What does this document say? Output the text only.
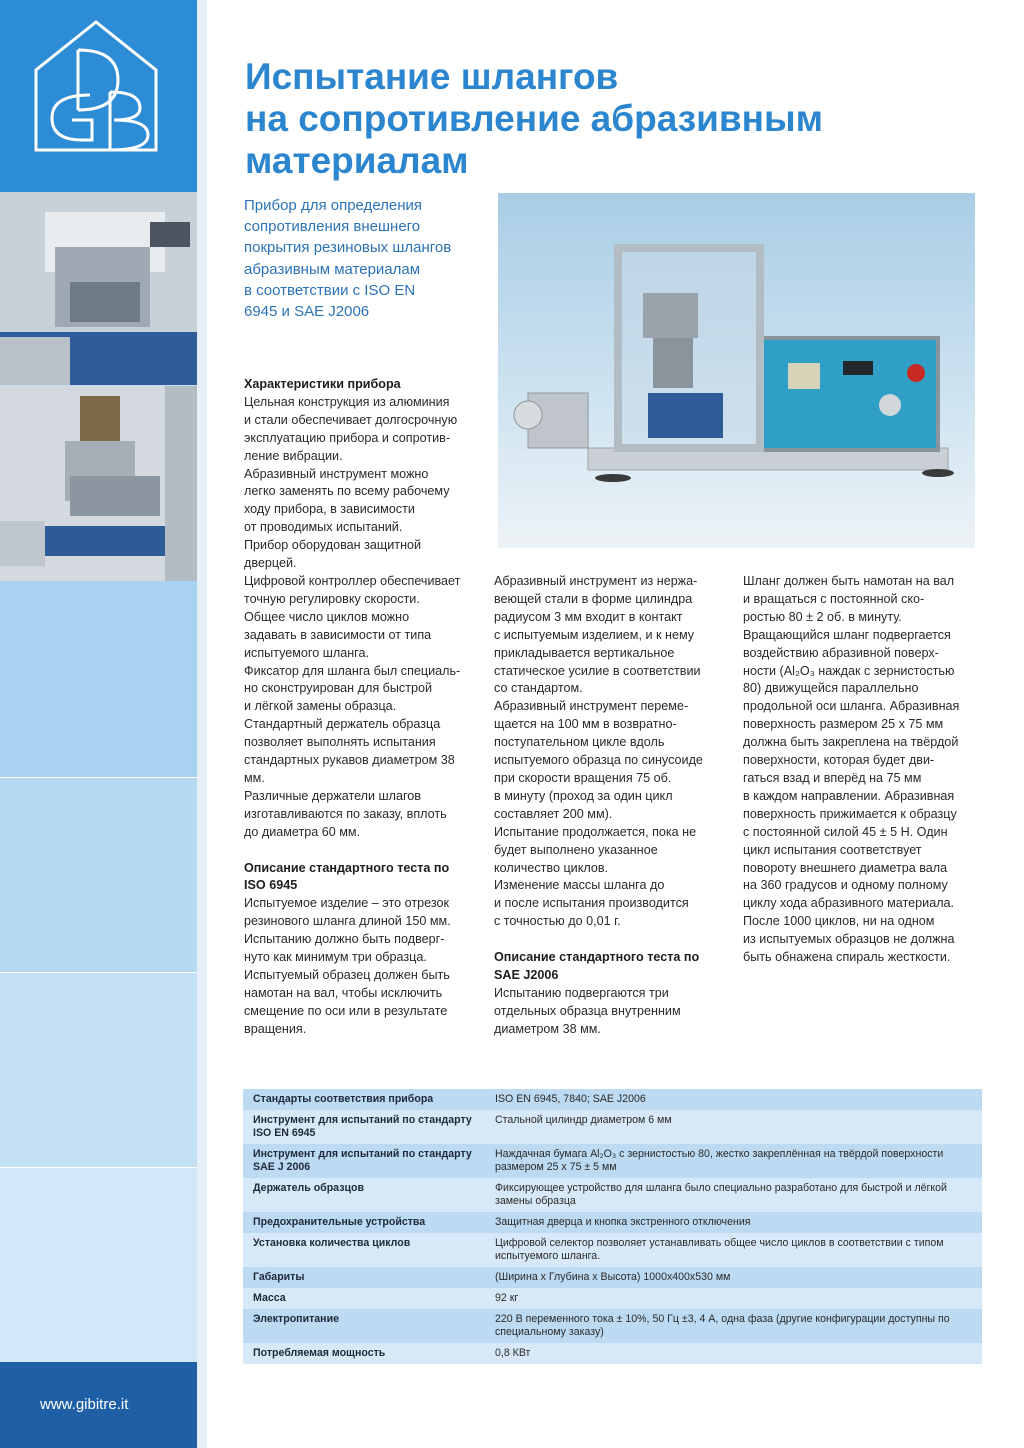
www.gibitre.it
Испытание шлангов
на сопротивление абразивным
материалам
Прибор для определения
сопротивления внешнего
покрытия резиновых шлангов
абразивным материалам
в соответствии с ISO EN
6945 и SAE J2006
Характеристики прибора

Цельная конструкция из алюминия
и стали обеспечивает долгосрочную
эксплуатацию прибора и сопротив-
ление вибрации.

Абразивный инструмент можно
легко заменять по всему рабочему
ходу прибора, в зависимости
от проводимых испытаний.

Прибор оборудован защитной
дверцей.

Цифровой контроллер обеспечивает
точную регулировку скорости.

Общее число циклов можно
задавать в зависимости от типа
испытуемого шланга.

Фиксатор для шланга был специаль-
но сконструирован для быстрой
и лёгкой замены образца.

Стандартный держатель образца
позволяет выполнять испытания
стандартных рукавов диаметром 38
мм.

Различные держатели шлагов
изготавливаются по заказу, вплоть
до диаметра 60 мм.

Описание стандартного теста по
ISO 6945

Испытуемое изделие – это отрезок
резинового шланга длиной 150 мм.

Испытанию должно быть подверг-
нуто как минимум три образца.

Испытуемый образец должен быть
намотан на вал, чтобы исключить
смещение по оси или в результате
вращения.

Абразивный инструмент из нержа-
веющей стали в форме цилиндра
радиусом 3 мм входит в контакт
с испытуемым изделием, и к нему
прикладывается вертикальное
статическое усилие в соответствии
со стандартом.

Абразивный инструмент переме-
щается на 100 мм в возвратно-
поступательном цикле вдоль
испытуемого образца по синусоиде
при скорости вращения 75 об.
в минуту (проход за один цикл
составляет 200 мм).

Испытание продолжается, пока не
будет выполнено указанное
количество циклов.

Изменение массы шланга до
и после испытания производится
с точностью до 0,01 г.

Описание стандартного теста по
SAE J2006

Испытанию подвергаются три
отдельных образца внутренним
диаметром 38 мм.

Шланг должен быть намотан на вал
и вращаться с постоянной ско-
ростью 80 ± 2 об. в минуту.

Вращающийся шланг подвергается
воздействию абразивной поверх-
ности (Al₂O₃ наждак с зернистостью
80) движущейся параллельно
продольной оси шланга. Абразивная
поверхность размером 25 x 75 мм
должна быть закреплена на твёрдой
поверхности, которая будет дви-
гаться взад и вперёд на 75 мм
в каждом направлении. Абразивная
поверхность прижимается к образцу
с постоянной силой 45 ± 5 Н. Один
цикл испытания соответствует
повороту внешнего диаметра вала
на 360 градусов и одному полному
циклу хода абразивного материала.

После 1000 циклов, ни на одном
из испытуемых образцов не должна
быть обнажена спираль жесткости.

Стандарты соответствия прибора	ISO EN 6945, 7840; SAE J2006
Инструмент для испытаний по стандарту ISO EN 6945	Стальной цилиндр диаметром 6 мм
Инструмент для испытаний по стандарту SAE J 2006	Наждачная бумага Al₂O₃ с зернистостью 80, жестко закреплённая на твёрдой поверхности размером 25 х 75 ± 5 мм
Держатель образцов	Фиксирующее устройство для шланга было специально разработано для быстрой и лёгкой замены образца
Предохранительные устройства	Защитная дверца и кнопка экстренного отключения
Установка количества циклов	Цифровой селектор позволяет устанавливать общее число циклов в соответствии с типом испытуемого шланга.
Габариты	(Ширина х Глубина х Высота) 1000x400x530 мм
Масса	92 кг
Электропитание	220 В переменного тока ± 10%, 50 Гц ±3, 4 А, одна фаза (другие конфигурации доступны по специальному заказу)
Потребляемая мощность	0,8 КВт
